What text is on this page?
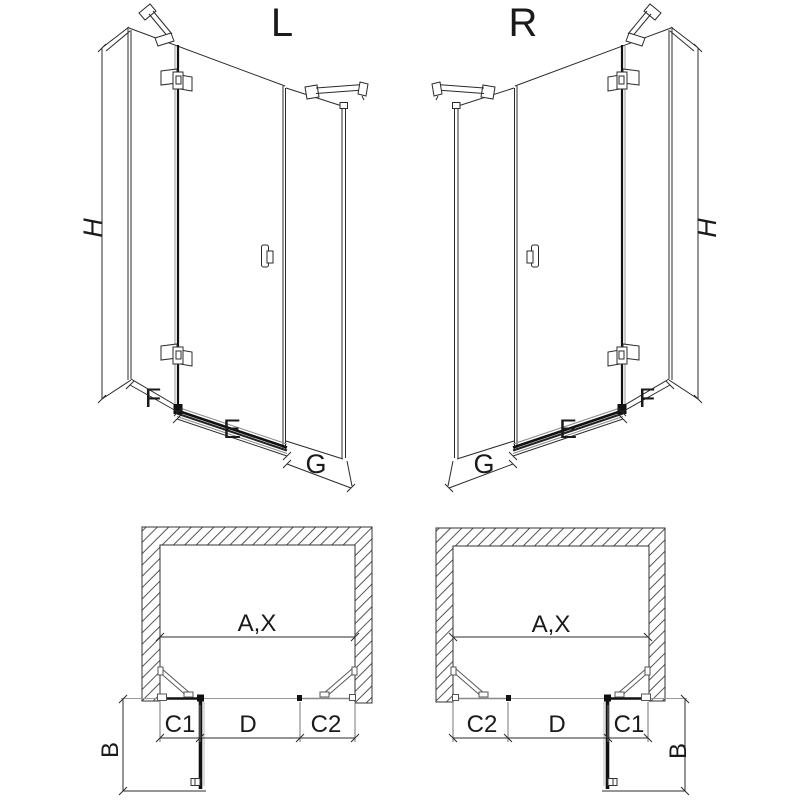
L
H
F
E
G
R
H
F
E
G
A,X
C1 D C2
B
A,X
C2 D C1
B
